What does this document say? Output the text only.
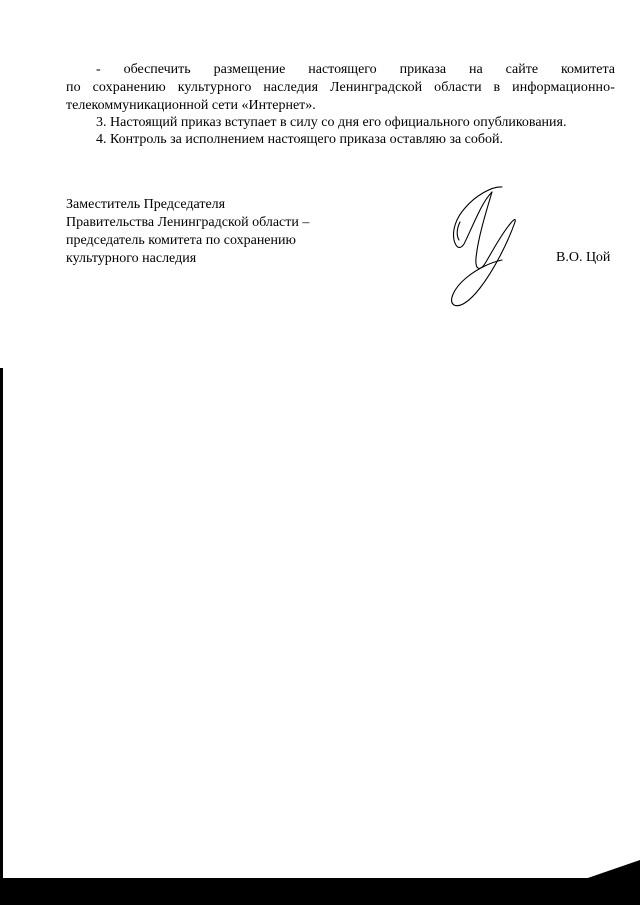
- обеспечить размещение настоящего приказа на сайте комитета
по сохранению культурного наследия Ленинградской области в информационно-
телекоммуникационной сети «Интернет».
3. Настоящий приказ вступает в силу со дня его официального опубликования.
4. Контроль за исполнением настоящего приказа оставляю за собой.
Заместитель Председателя
Правительства Ленинградской области –
председатель комитета по сохранению
культурного наследия	В.О. Цой
